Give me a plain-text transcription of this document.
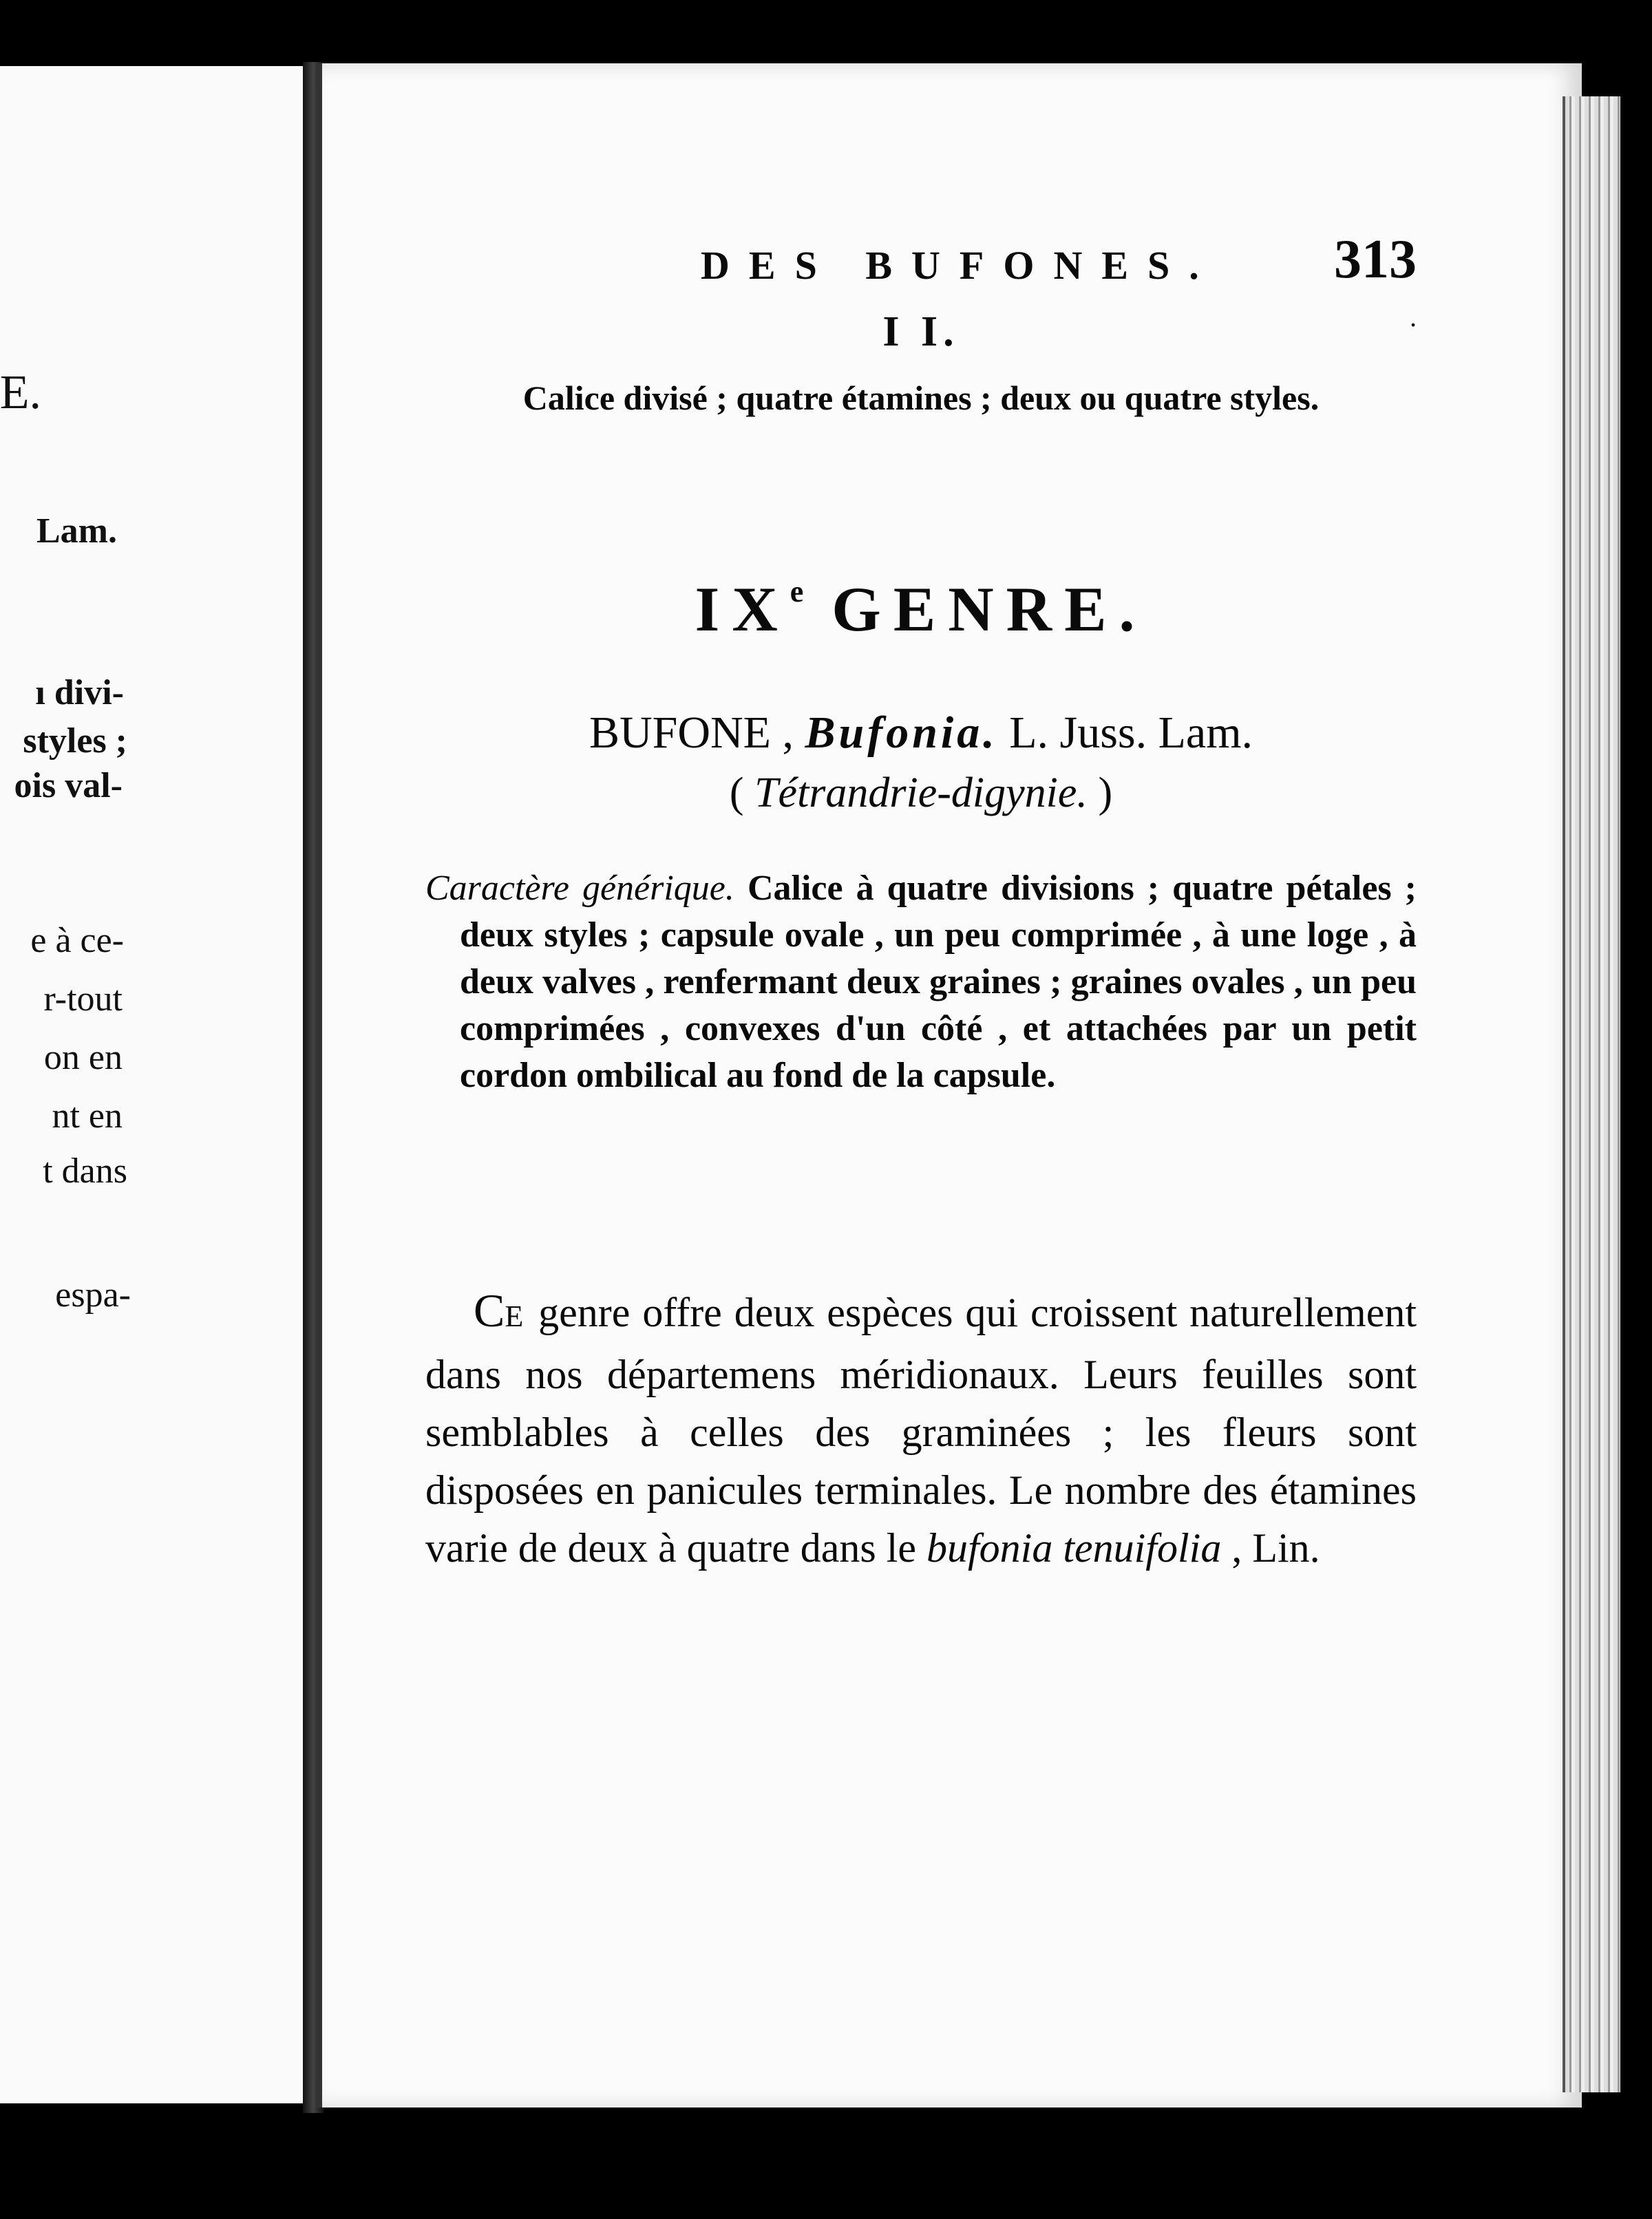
E.
Lam.
ı divi-
styles ;
ois val-
e à ce-
r-tout
on en
nt en
t dans
espa-
DES BUFONES. 313
.
I I.
Calice divisé ; quatre étamines ; deux ou quatre styles.
IXe GENRE.
BUFONE , Bufonia. L. Juss. Lam.
( Tétrandrie-digynie. )
Caractère générique. Calice à quatre divisions ; quatre pétales ; deux styles ; capsule ovale , un peu comprimée , à une loge , à deux valves , renfermant deux graines ; graines ovales , un peu comprimées , convexes d'un côté , et attachées par un petit cordon ombilical au fond de la capsule.
CE genre offre deux espèces qui croissent naturellement dans nos départemens méridionaux. Leurs feuilles sont semblables à celles des graminées ; les fleurs sont disposées en panicules terminales. Le nombre des étamines varie de deux à quatre dans le bufonia tenuifolia , Lin.
